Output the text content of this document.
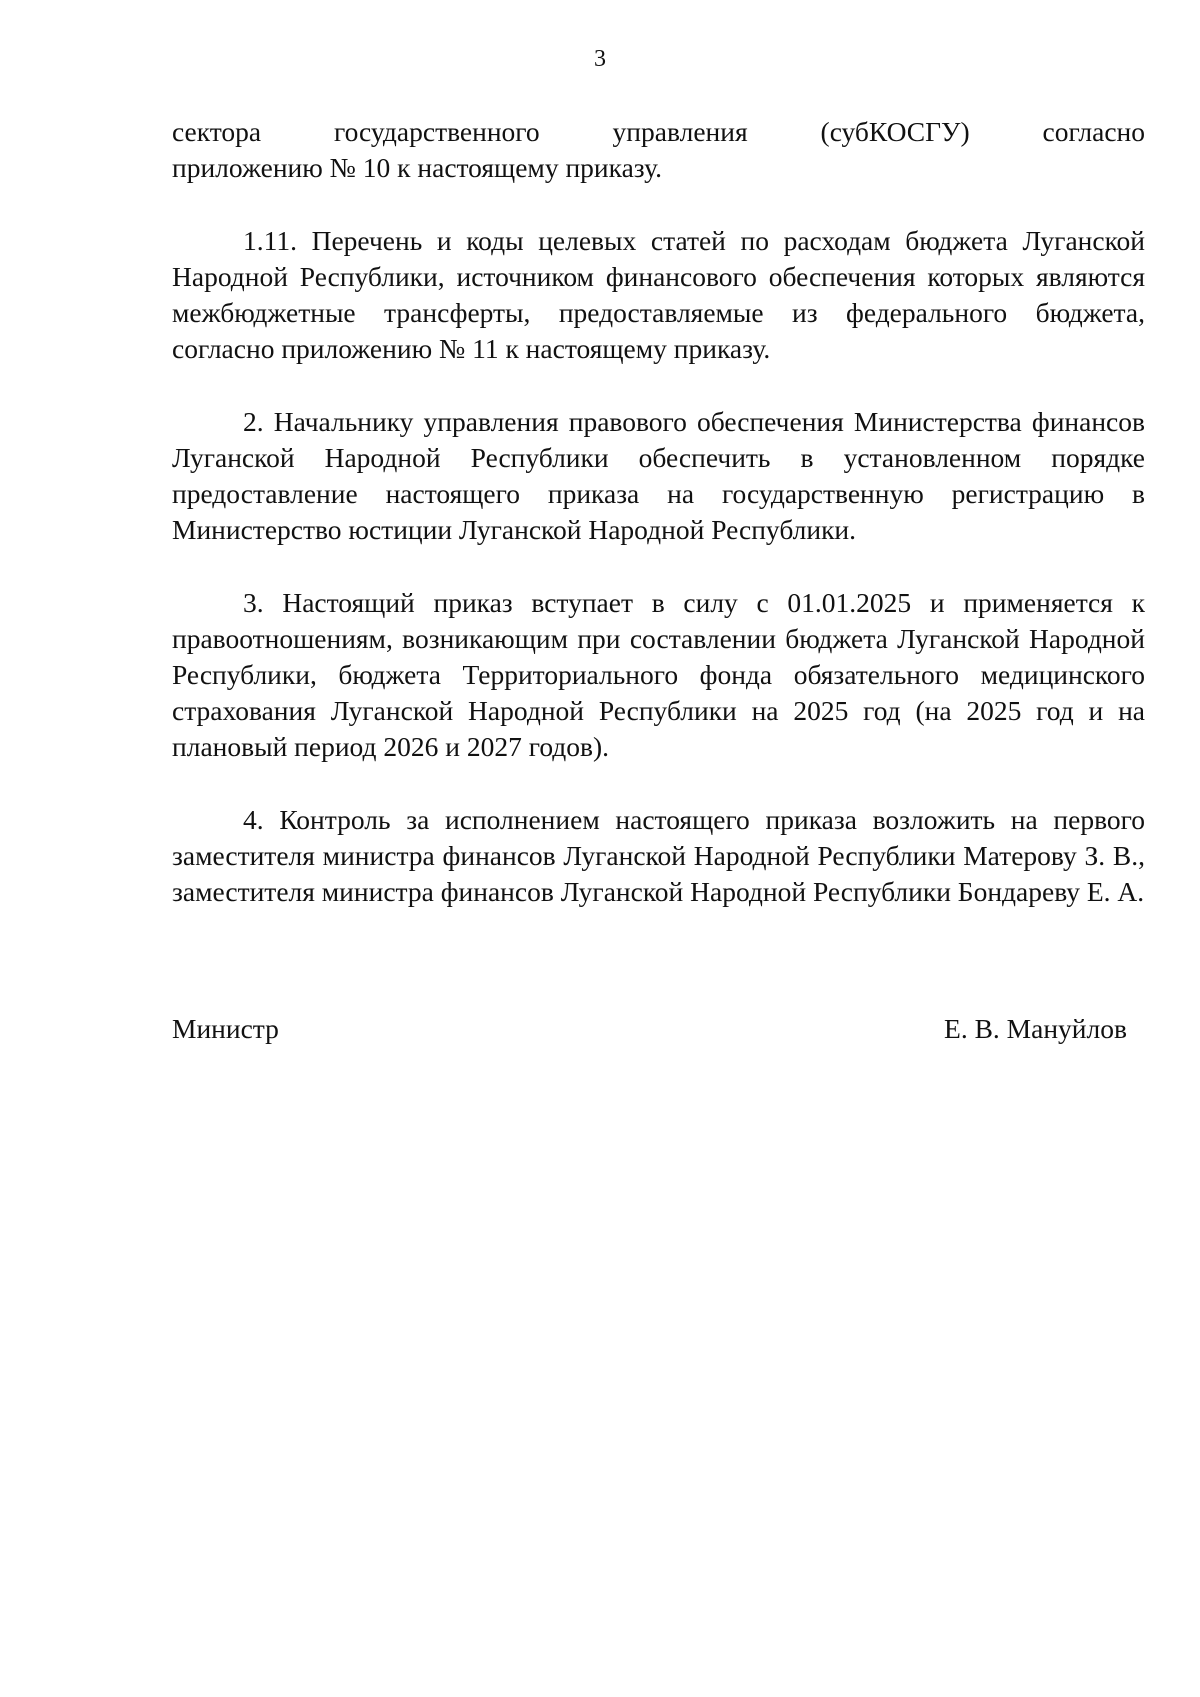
3

сектора государственного управления (субКОСГУ) согласно
приложению № 10 к настоящему приказу.

1.11. Перечень и коды целевых статей по расходам бюджета Луганской Народной Республики, источником финансового обеспечения которых являются межбюджетные трансферты, предоставляемые из федерального бюджета, согласно приложению № 11 к настоящему приказу.

2. Начальнику управления правового обеспечения Министерства финансов Луганской Народной Республики обеспечить в установленном порядке предоставление настоящего приказа на государственную регистрацию в Министерство юстиции Луганской Народной Республики.

3. Настоящий приказ вступает в силу с 01.01.2025 и применяется к правоотношениям, возникающим при составлении бюджета Луганской Народной Республики, бюджета Территориального фонда обязательного медицинского страхования Луганской Народной Республики на 2025 год (на 2025 год и на плановый период 2026 и 2027 годов).

4. Контроль за исполнением настоящего приказа возложить на первого заместителя министра финансов Луганской Народной Республики Матерову З. В., заместителя министра финансов Луганской Народной Республики Бондареву Е. А.

Министр	Е. В. Мануйлов
